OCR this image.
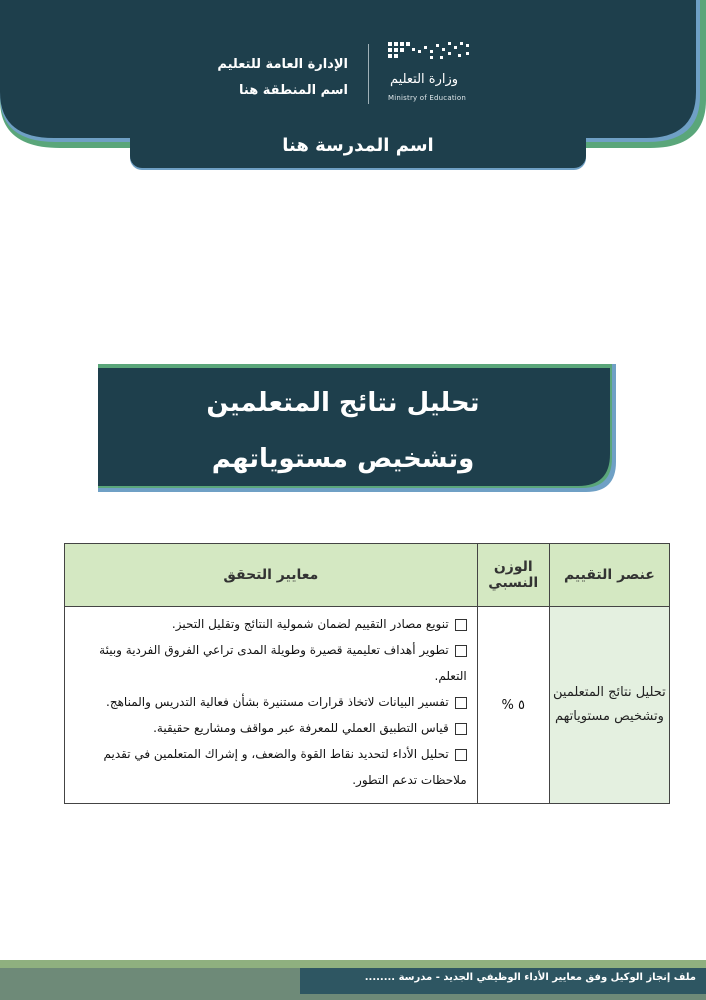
وزارة التعليم
Ministry of Education
الإدارة العامة للتعليم
اسم المنطقة هنا
اسم المدرسة هنا
تحليل نتائج المتعلمين
وتشخيص مستوياتهم
عنصر التقييم	الوزن النسبي	معايير التحقق
تحليل نتائج المتعلمين وتشخيص مستوياتهم	٥ %	تنويع مصادر التقييم لضمان شمولية النتائج وتقليل التحيز.

تطوير أهداف تعليمية قصيرة وطويلة المدى تراعي الفروق الفردية وبيئة التعلم.

تفسير البيانات لاتخاذ قرارات مستنيرة بشأن فعالية التدريس والمناهج.

قياس التطبيق العملي للمعرفة عبر مواقف ومشاريع حقيقية.

تحليل الأداء لتحديد نقاط القوة والضعف، و إشراك المتعلمين في تقديم ملاحظات تدعم التطور.

ملف إنجاز الوكيل وفق معايير الأداء الوظيفي الجديد - مدرسة ........
